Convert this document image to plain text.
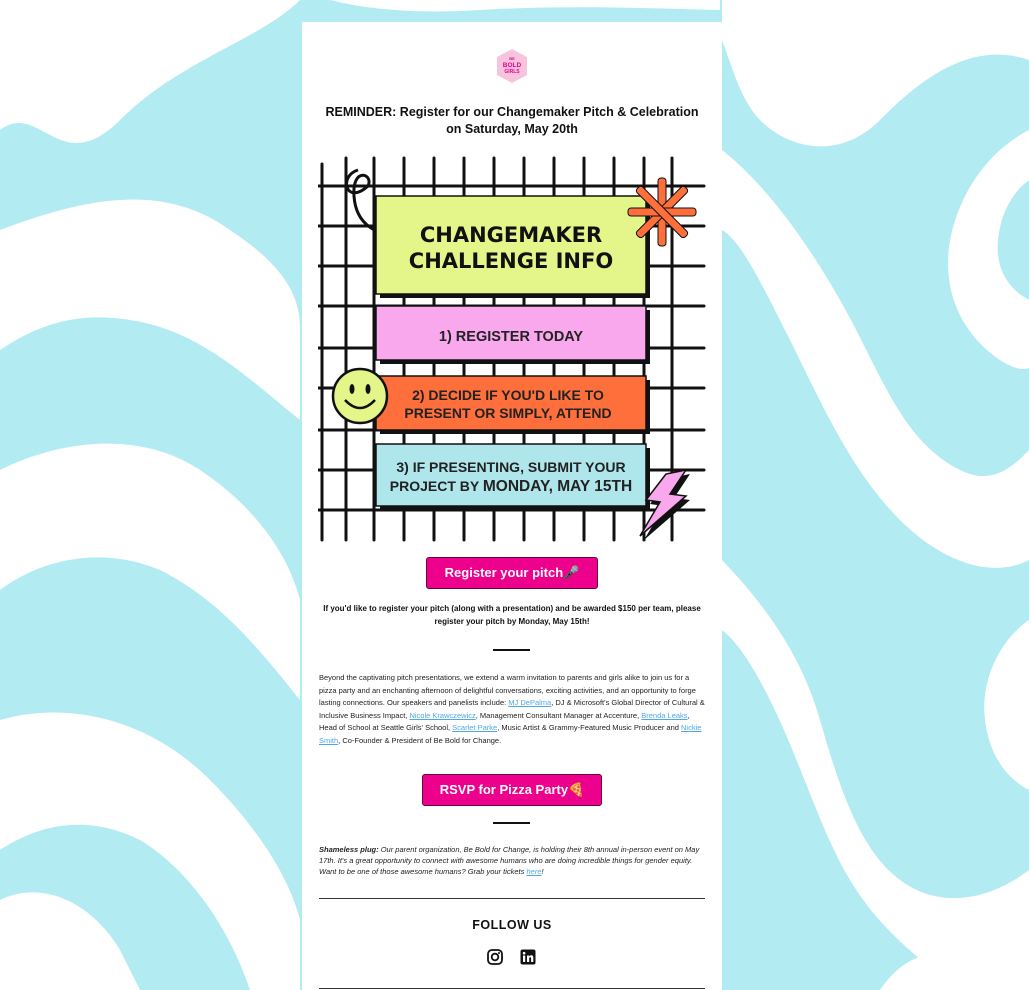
BE
BOLD
GIRLS
REMINDER: Register for our Changemaker Pitch & Celebration on Saturday, May 20th
CHANGEMAKER
CHALLENGE INFO
1) REGISTER TODAY
2) DECIDE IF YOU'D LIKE TO
PRESENT OR SIMPLY, ATTEND
3) IF PRESENTING, SUBMIT YOUR
PROJECT BY MONDAY, MAY 15TH
Register your pitch🎤
If you'd like to register your pitch (along with a presentation) and be awarded $150 per team, please register your pitch by Monday, May 15th!
Beyond the captivating pitch presentations, we extend a warm invitation to parents and girls alike to join us for a pizza party and an enchanting afternoon of delightful conversations, exciting activities, and an opportunity to forge lasting connections. Our speakers and panelists include: MJ DePalma, DJ & Microsoft's Global Director of Cultural & Inclusive Business Impact, Nicole Krawczewicz, Management Consultant Manager at Accenture, Brenda Leaks, Head of School at Seattle Girls' School, Scarlet Parke, Music Artist & Grammy-Featured Music Producer and Nickie Smith, Co-Founder & President of Be Bold for Change.
RSVP for Pizza Party🍕
Shameless plug: Our parent organization, Be Bold for Change, is holding their 8th annual in-person event on May 17th. It's a great opportunity to connect with awesome humans who are doing incredible things for gender equity. Want to be one of those awesome humans? Grab your tickets here!
FOLLOW US
